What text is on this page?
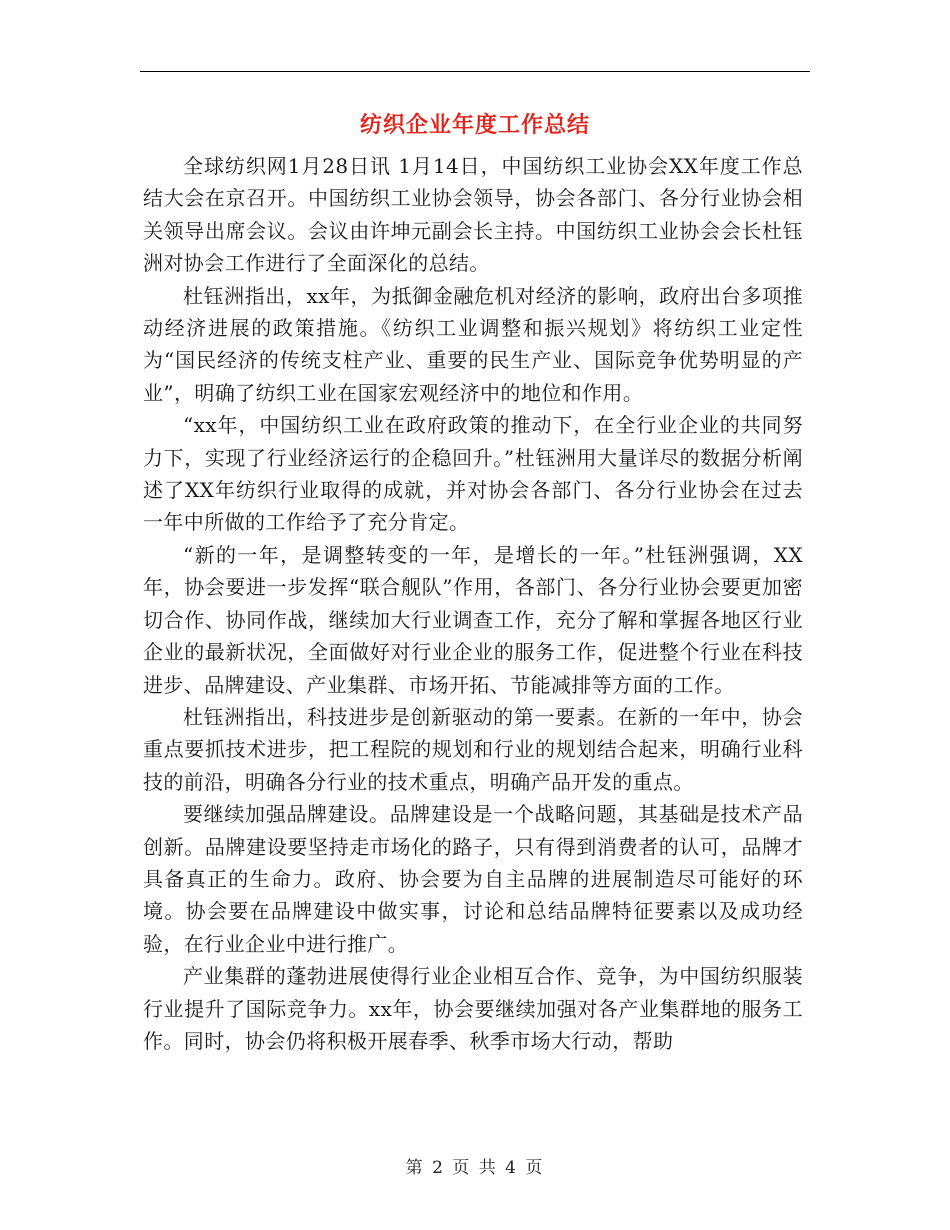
纺织企业年度工作总结

全球纺织网1月28日讯 1月14日，中国纺织工业协会XX年度工作总结大会在京召开。中国纺织工业协会领导，协会各部门、各分行业协会相关领导出席会议。会议由许坤元副会长主持。中国纺织工业协会会长杜钰洲对协会工作进行了全面深化的总结。

杜钰洲指出，xx年，为抵御金融危机对经济的影响，政府出台多项推动经济进展的政策措施。《纺织工业调整和振兴规划》将纺织工业定性为“国民经济的传统支柱产业、重要的民生产业、国际竞争优势明显的产业”，明确了纺织工业在国家宏观经济中的地位和作用。

“xx年，中国纺织工业在政府政策的推动下，在全行业企业的共同努力下，实现了行业经济运行的企稳回升。”杜钰洲用大量详尽的数据分析阐述了XX年纺织行业取得的成就，并对协会各部门、各分行业协会在过去一年中所做的工作给予了充分肯定。

“新的一年，是调整转变的一年，是增长的一年。”杜钰洲强调，XX年，协会要进一步发挥“联合舰队”作用，各部门、各分行业协会要更加密切合作、协同作战，继续加大行业调查工作，充分了解和掌握各地区行业企业的最新状况，全面做好对行业企业的服务工作，促进整个行业在科技进步、品牌建设、产业集群、市场开拓、节能减排等方面的工作。

杜钰洲指出，科技进步是创新驱动的第一要素。在新的一年中，协会重点要抓技术进步，把工程院的规划和行业的规划结合起来，明确行业科技的前沿，明确各分行业的技术重点，明确产品开发的重点。

要继续加强品牌建设。品牌建设是一个战略问题，其基础是技术产品创新。品牌建设要坚持走市场化的路子，只有得到消费者的认可，品牌才具备真正的生命力。政府、协会要为自主品牌的进展制造尽可能好的环境。协会要在品牌建设中做实事，讨论和总结品牌特征要素以及成功经验，在行业企业中进行推广。

产业集群的蓬勃进展使得行业企业相互合作、竞争，为中国纺织服装行业提升了国际竞争力。xx年，协会要继续加强对各产业集群地的服务工作。同时，协会仍将积极开展春季、秋季市场大行动，帮助

第 2 页 共 4 页
